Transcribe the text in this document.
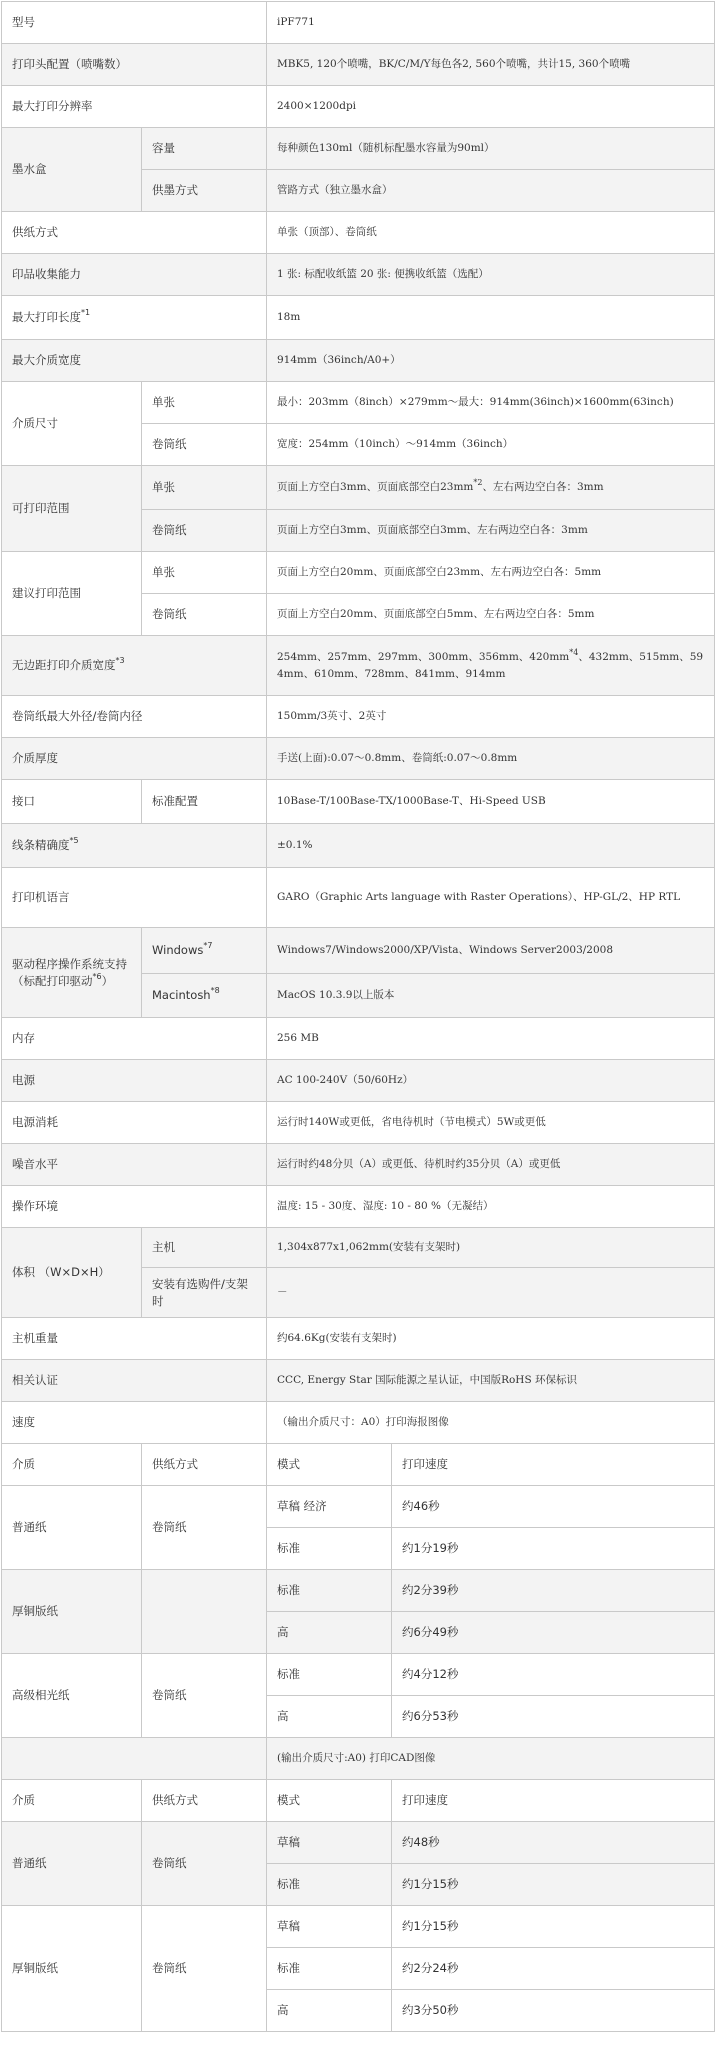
型号		iPF771	
打印头配置（喷嘴数）		MBK5, 120个喷嘴，BK/C/M/Y每色各2, 560个喷嘴，共计15, 360个喷嘴	
最大打印分辨率		2400×1200dpi	
墨水盒	容量	每种颜色130ml（随机标配墨水容量为90ml）	
	供墨方式	管路方式（独立墨水盒）	
供纸方式		单张（顶部）、卷筒纸	
印品收集能力		1 张: 标配收纸篮 20 张: 便携收纸篮（选配）	
最大打印长度$^{*1}$		18m	
最大介质宽度		914mm（36inch/A0+）	
介质尺寸	单张	最小：203mm（8inch）×279mm～最大：914mm(36inch)×1600mm(63inch)	
	卷筒纸	宽度：254mm（10inch）～914mm（36inch）	
可打印范围	单张	页面上方空白3mm、页面底部空白23mm$^{*2}$、左右两边空白各：3mm	
	卷筒纸	页面上方空白3mm、页面底部空白3mm、左右两边空白各：3mm	
建议打印范围	单张	页面上方空白20mm、页面底部空白23mm、左右两边空白各：5mm	
	卷筒纸	页面上方空白20mm、页面底部空白5mm、左右两边空白各：5mm	
无边距打印介质宽度$^{*3}$		254mm、257mm、297mm、300mm、356mm、420mm$^{*4}$、432mm、515mm、594mm、610mm、728mm、841mm、914mm	
卷筒纸最大外径/卷筒内径		150mm/3英寸、2英寸	
介质厚度		手送(上面):0.07～0.8mm、卷筒纸:0.07～0.8mm	
接口	标准配置	10Base-T/100Base-TX/1000Base-T、Hi-Speed USB	
线条精确度$^{*5}$		±0.1%	
打印机语言		GARO（Graphic Arts language with Raster Operations）、HP-GL/2、HP RTL	
驱动程序操作系统支持（标配打印驱动$^{*6}$）	Windows$^{*7}$	Windows7/Windows2000/XP/Vista、Windows Server2003/2008	
	Macintosh$^{*8}$	MacOS 10.3.9以上版本	
内存		256 MB	
电源		AC 100-240V（50/60Hz）	
电源消耗		运行时140W或更低，省电待机时（节电模式）5W或更低	
噪音水平		运行时约48分贝（A）或更低、待机时约35分贝（A）或更低	
操作环境		温度: 15 - 30度、湿度: 10 - 80 %（无凝结）	
体积 （W×D×H）	主机	1,304x877x1,062mm(安装有支架时)	
	安装有选购件/支架时	－	
主机重量		约64.6Kg(安装有支架时)	
相关认证		CCC, Energy Star 国际能源之星认证，中国版RoHS 环保标识	
速度		（输出介质尺寸：A0）打印海报图像	
介质	供纸方式	模式	打印速度
普通纸	卷筒纸	草稿 经济	约46秒
		标准	约1分19秒
厚铜版纸		标准	约2分39秒
		高	约6分49秒
高级相光纸	卷筒纸	标准	约4分12秒
		高	约6分53秒
		(输出介质尺寸:A0) 打印CAD图像	
介质	供纸方式	模式	打印速度
普通纸	卷筒纸	草稿	约48秒
		标准	约1分15秒
厚铜版纸	卷筒纸	草稿	约1分15秒
		标准	约2分24秒
		高	约3分50秒
